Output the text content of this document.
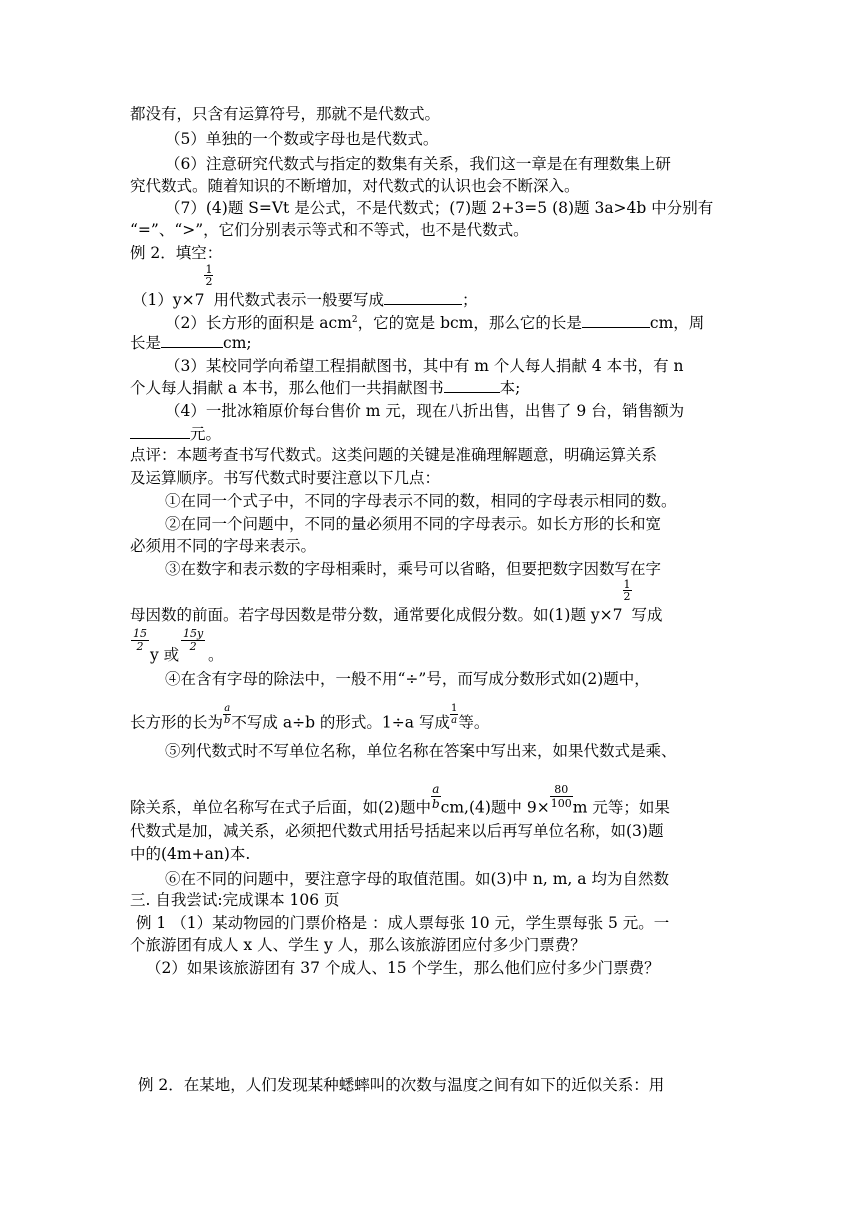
都没有，只含有运算符号，那就不是代数式。
（5）单独的一个数或字母也是代数式。
（6）注意研究代数式与指定的数集有关系，我们这一章是在有理数集上研
究代数式。随着知识的不断增加，对代数式的认识也会不断深入。
（7）(4)题 S=Vt 是公式，不是代数式；(7)题 2+3=5 (8)题 3a>4b 中分别有
“=”、“>”，它们分别表示等式和不等式，也不是代数式。
例 2．填空：
（1）y×7
$\frac{1}{2}$
用代数式表示一般要写成	；
（2）长方形的面积是 acm$^2$，它的宽是 bcm，那么它的长是	cm，周
长是	cm;
（3）某校同学向希望工程捐献图书，其中有 m 个人每人捐献 4 本书，有 n
个人每人捐献 a 本书，那么他们一共捐献图书	本;
（4）一批冰箱原价每台售价 m 元，现在八折出售，出售了 9 台，销售额为
元。
点评：本题考查书写代数式。这类问题的关键是准确理解题意，明确运算关系
及运算顺序。书写代数式时要注意以下几点：
①在同一个式子中，不同的字母表示不同的数，相同的字母表示相同的数。
②在同一个问题中，不同的量必须用不同的字母表示。如长方形的长和宽
必须用不同的字母来表示。
③在数字和表示数的字母相乘时，乘号可以省略，但要把数字因数写在字
母因数的前面。若字母因数是带分数，通常要化成假分数。如(1)题 y×7
$\frac{1}{2}$
写成
$\frac{15}{2}$
y 或
$\frac{15y}{2}$
。
④在含有字母的除法中，一般不用“÷”号，而写成分数形式如(2)题中，
长方形的长为 $\frac{a}{b}$ 不写成 a÷b 的形式。1÷a 写成 $\frac{1}{a}$ 等。
⑤列代数式时不写单位名称，单位名称在答案中写出来，如果代数式是乘、
除关系，单位名称写在式子后面，如(2)题中 $\frac{a}{b} cm,(4)$题中 $9\times \frac{80}{100}$ m 元等；如果
代数式是加，减关系，必须把代数式用括号括起来以后再写单位名称，如(3)题
中的(4m+an)本.
⑥在不同的问题中，要注意字母的取值范围。如(3)中 n, m, a 均为自然数
三. 自我尝试:完成课本 106 页
例 1 （1）某动物园的门票价格是 ：成人票每张 10 元，学生票每张 5 元。一
个旅游团有成人 x 人、学生 y 人，那么该旅游团应付多少门票费？
（2）如果该旅游团有 37 个成人、15 个学生，那么他们应付多少门票费？
例 2．在某地，人们发现某种蟋蟀叫的次数与温度之间有如下的近似关系：用
